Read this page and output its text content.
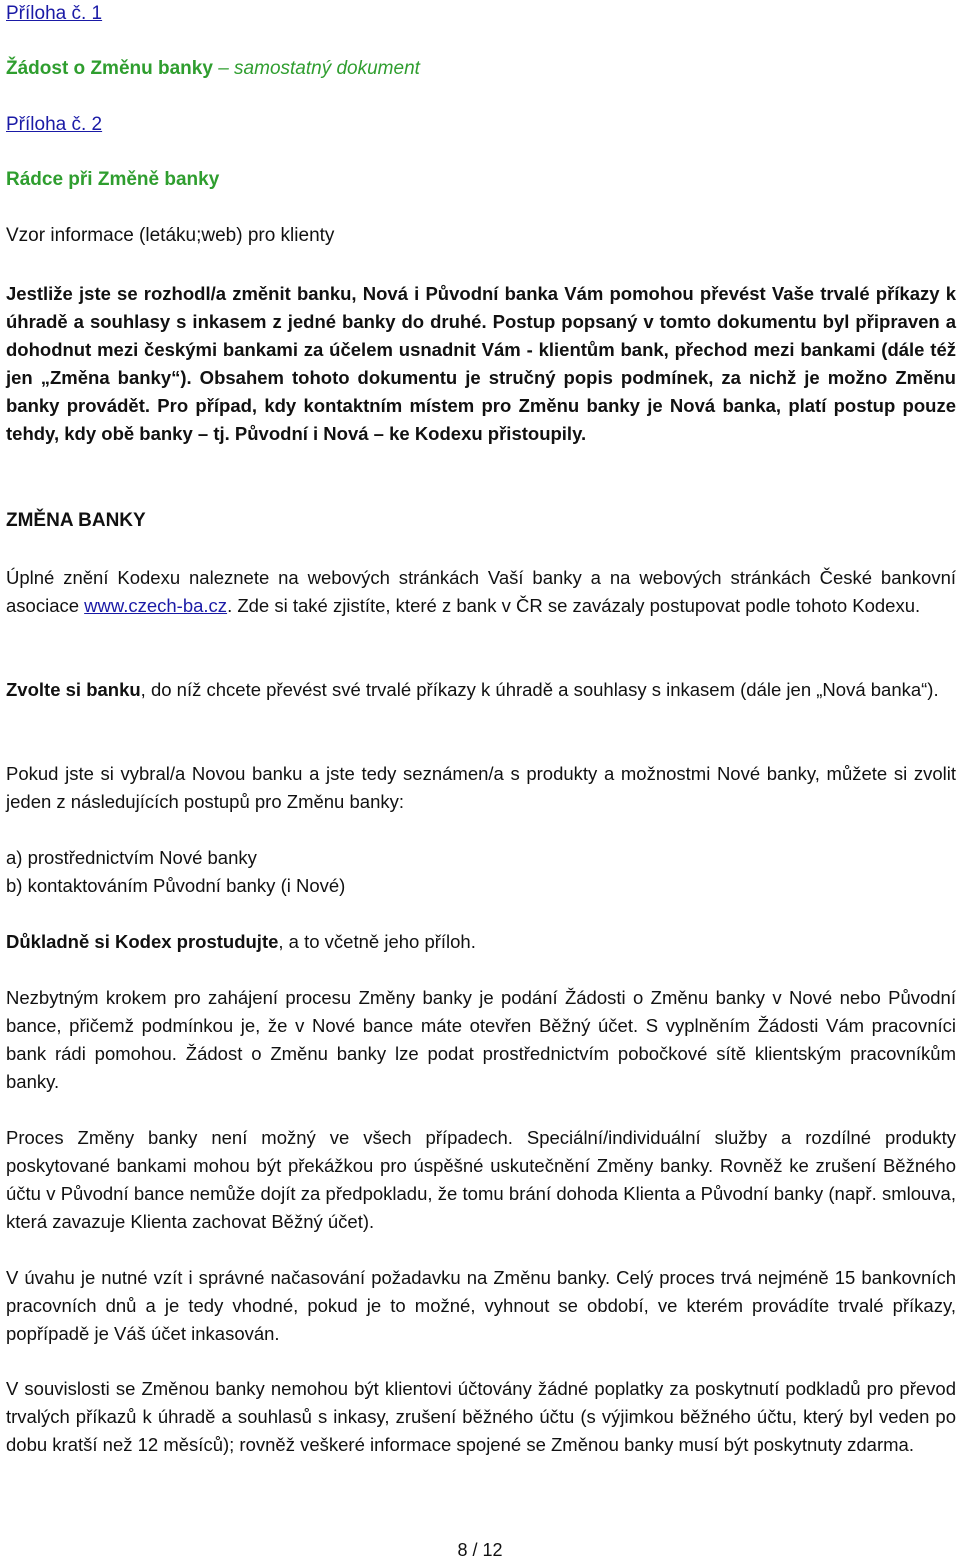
Příloha č. 1
Žádost o Změnu banky – samostatný dokument
Příloha č. 2
Rádce při Změně banky
Vzor informace (letáku;web) pro klienty
Jestliže jste se rozhodl/a změnit banku, Nová i Původní banka Vám pomohou převést Vaše trvalé příkazy k úhradě a souhlasy s inkasem z jedné banky do druhé. Postup popsaný v tomto dokumentu byl připraven a dohodnut mezi českými bankami za účelem usnadnit Vám - klientům bank, přechod mezi bankami (dále též jen „Změna banky“). Obsahem tohoto dokumentu je stručný popis podmínek, za nichž je možno Změnu banky provádět. Pro případ, kdy kontaktním místem pro Změnu banky je Nová banka, platí postup pouze tehdy, kdy obě banky – tj. Původní i Nová – ke Kodexu přistoupily.
ZMĚNA BANKY
Úplné znění Kodexu naleznete na webových stránkách Vaší banky a na webových stránkách České bankovní asociace www.czech-ba.cz. Zde si také zjistíte, které z bank v ČR se zavázaly postupovat podle tohoto Kodexu.
Zvolte si banku, do níž chcete převést své trvalé příkazy k úhradě a souhlasy s inkasem (dále jen „Nová banka“).
Pokud jste si vybral/a Novou banku a jste tedy seznámen/a s produkty a možnostmi Nové banky, můžete si zvolit jeden z následujících postupů pro Změnu banky:
a) prostřednictvím Nové banky
b) kontaktováním Původní banky (i Nové)
Důkladně si Kodex prostudujte, a to včetně jeho příloh.
Nezbytným krokem pro zahájení procesu Změny banky je podání Žádosti o Změnu banky v Nové nebo Původní bance, přičemž podmínkou je, že v Nové bance máte otevřen Běžný účet. S vyplněním Žádosti Vám pracovníci bank rádi pomohou. Žádost o Změnu banky lze podat prostřednictvím pobočkové sítě klientským pracovníkům banky.
Proces Změny banky není možný ve všech případech. Speciální/individuální služby a rozdílné produkty poskytované bankami mohou být překážkou pro úspěšné uskutečnění Změny banky. Rovněž ke zrušení Běžného účtu v Původní bance nemůže dojít za předpokladu, že tomu brání dohoda Klienta a Původní banky (např. smlouva, která zavazuje Klienta zachovat Běžný účet).
V úvahu je nutné vzít i správné načasování požadavku na Změnu banky. Celý proces trvá nejméně 15 bankovních pracovních dnů a je tedy vhodné, pokud je to možné, vyhnout se období, ve kterém provádíte trvalé příkazy, popřípadě je Váš účet inkasován.
V souvislosti se Změnou banky nemohou být klientovi účtovány žádné poplatky za poskytnutí podkladů pro převod trvalých příkazů k úhradě a souhlasů s inkasy, zrušení běžného účtu (s výjimkou běžného účtu, který byl veden po dobu kratší než 12 měsíců); rovněž veškeré informace spojené se Změnou banky musí být poskytnuty zdarma.
8 / 12
